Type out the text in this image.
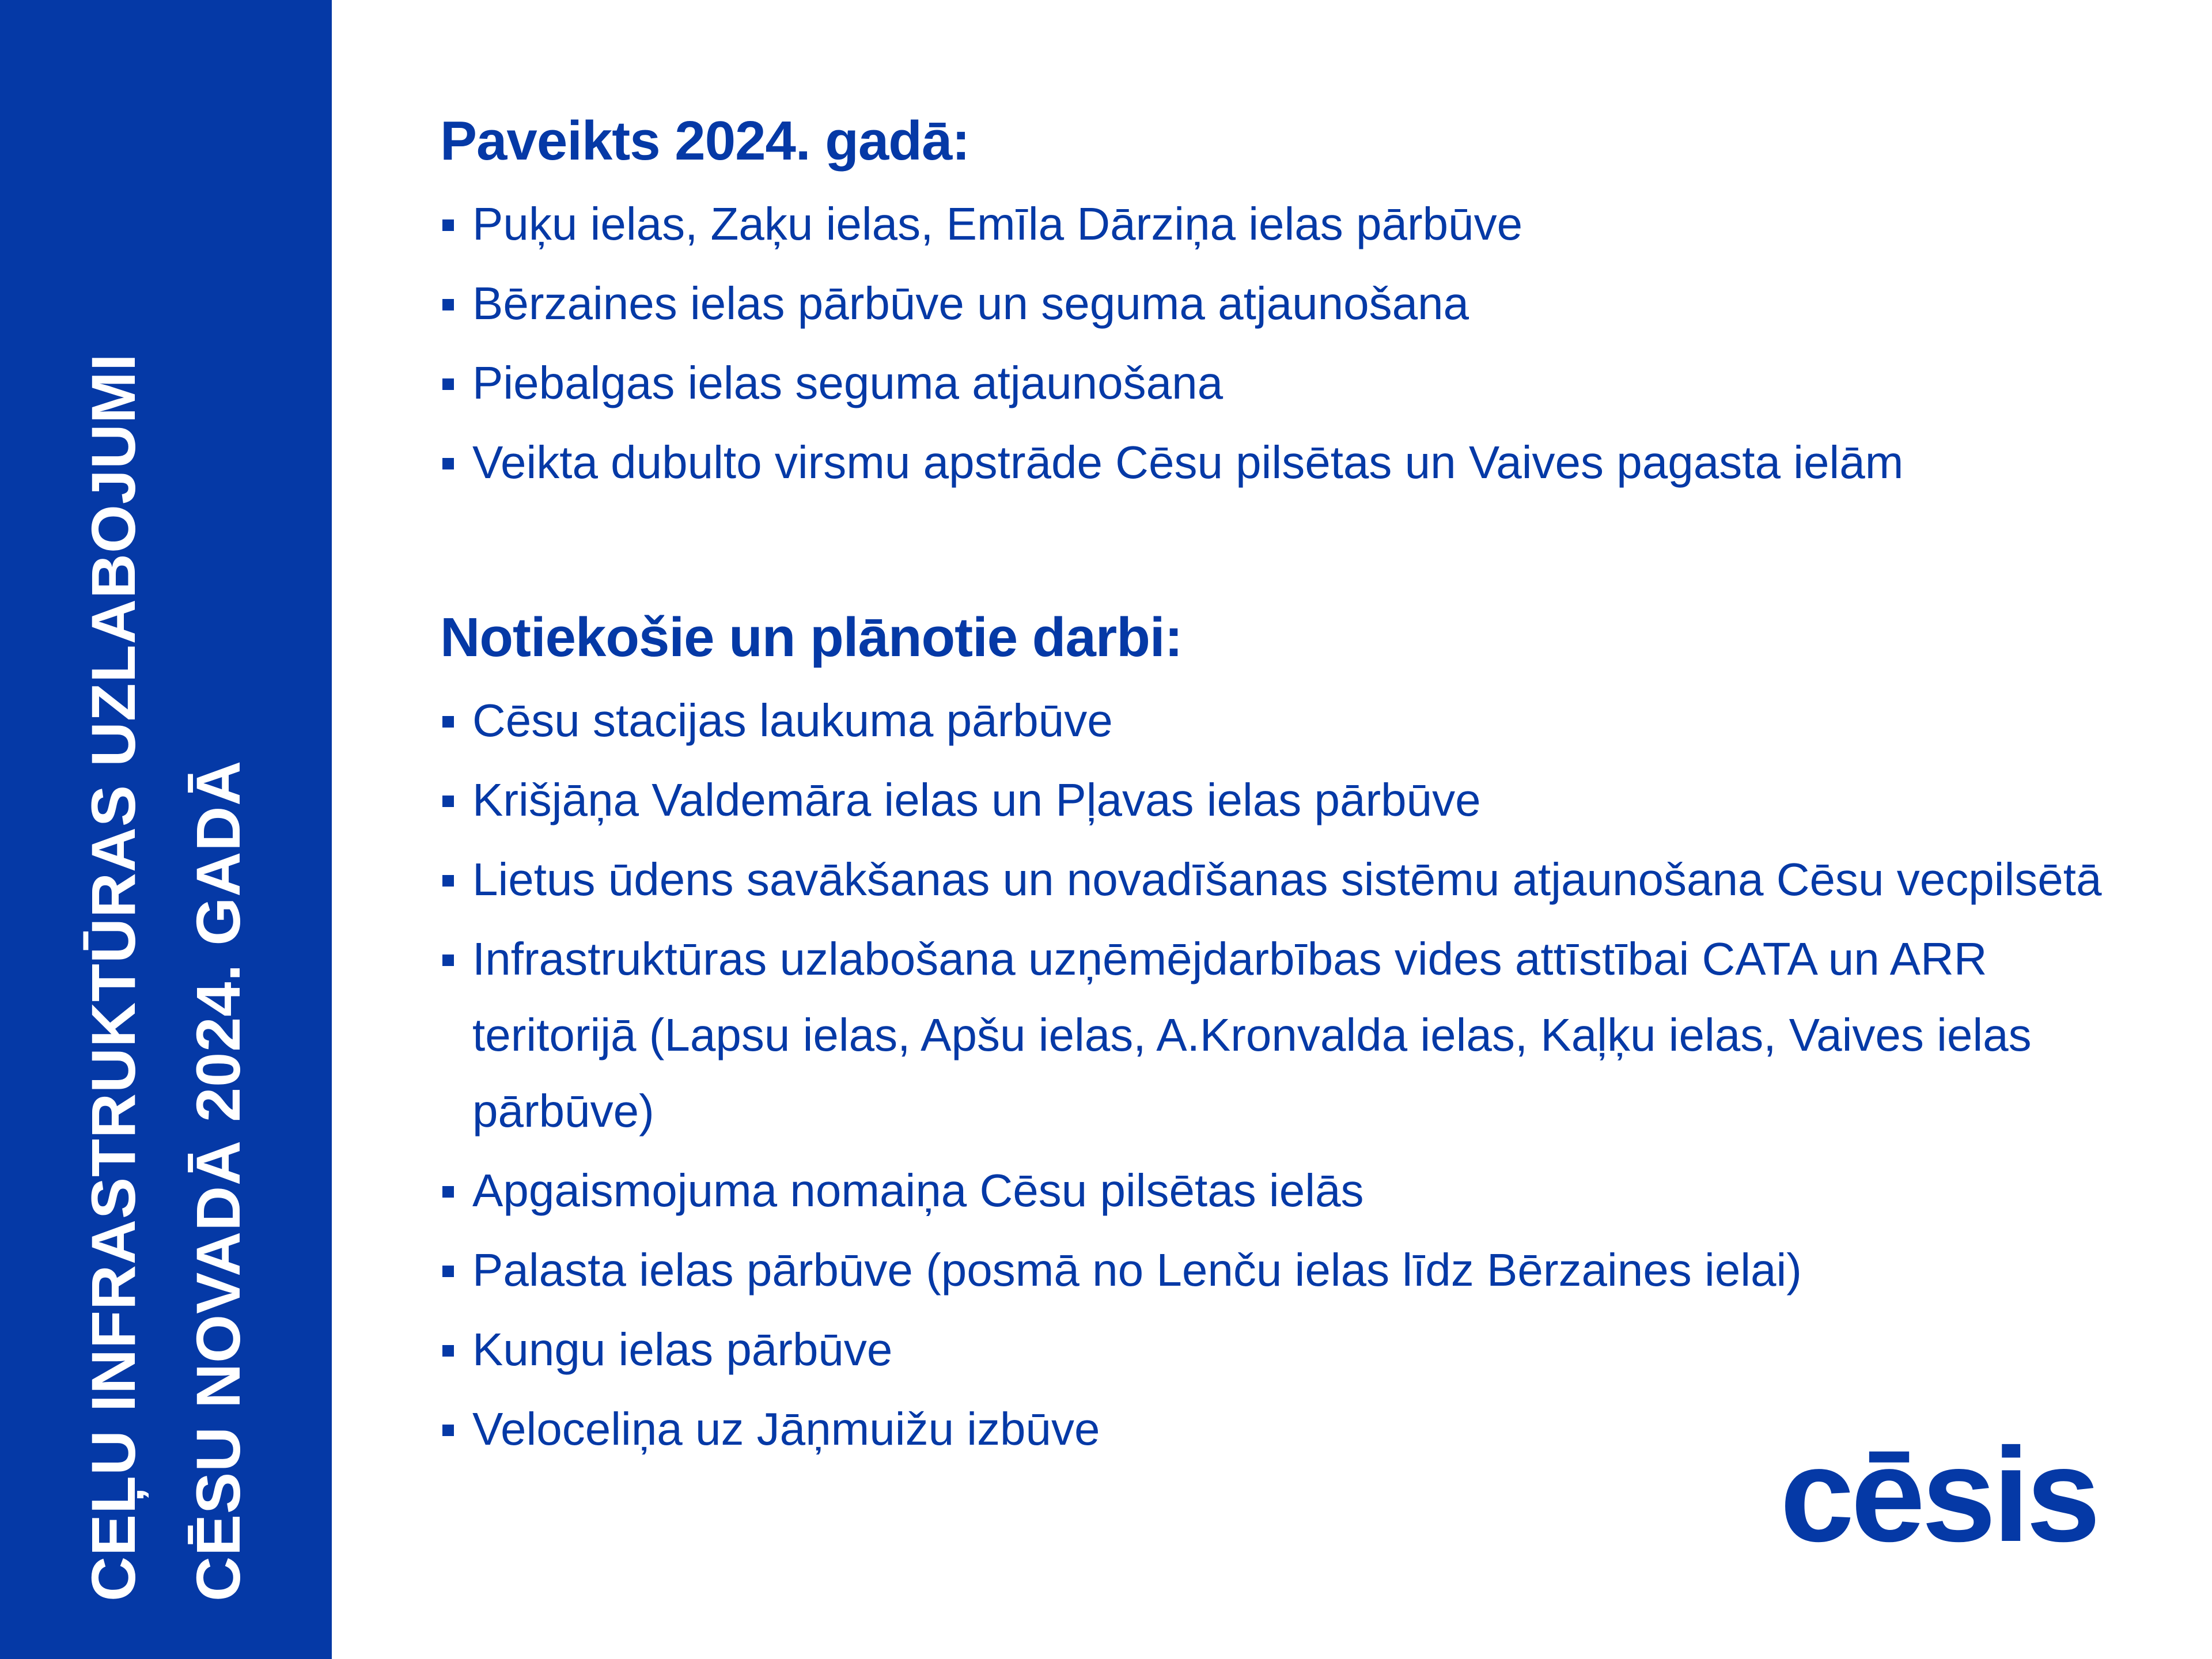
CEĻU INFRASTRUKTŪRAS UZLABOJUMI CĒSU NOVADĀ 2024. GADĀ
Paveikts 2024. gadā:
Puķu ielas, Zaķu ielas, Emīla Dārziņa ielas pārbūve
Bērzaines ielas pārbūve un seguma atjaunošana
Piebalgas ielas seguma atjaunošana
Veikta dubulto virsmu apstrāde Cēsu pilsētas un Vaives pagasta ielām
Notiekošie un plānotie darbi:
Cēsu stacijas laukuma pārbūve
Krišjāņa Valdemāra ielas un Pļavas ielas pārbūve
Lietus ūdens savākšanas un novadīšanas sistēmu atjaunošana Cēsu vecpilsētā
Infrastruktūras uzlabošana uzņēmējdarbības vides attīstībai CATA un ARR teritorijā (Lapsu ielas, Apšu ielas, A.Kronvalda ielas, Kaļķu ielas, Vaives ielas pārbūve)
Apgaismojuma nomaiņa Cēsu pilsētas ielās
Palasta ielas pārbūve (posmā no Lenču ielas līdz Bērzaines ielai)
Kungu ielas pārbūve
Veloceliņa uz Jāņmuižu izbūve	cēsis
